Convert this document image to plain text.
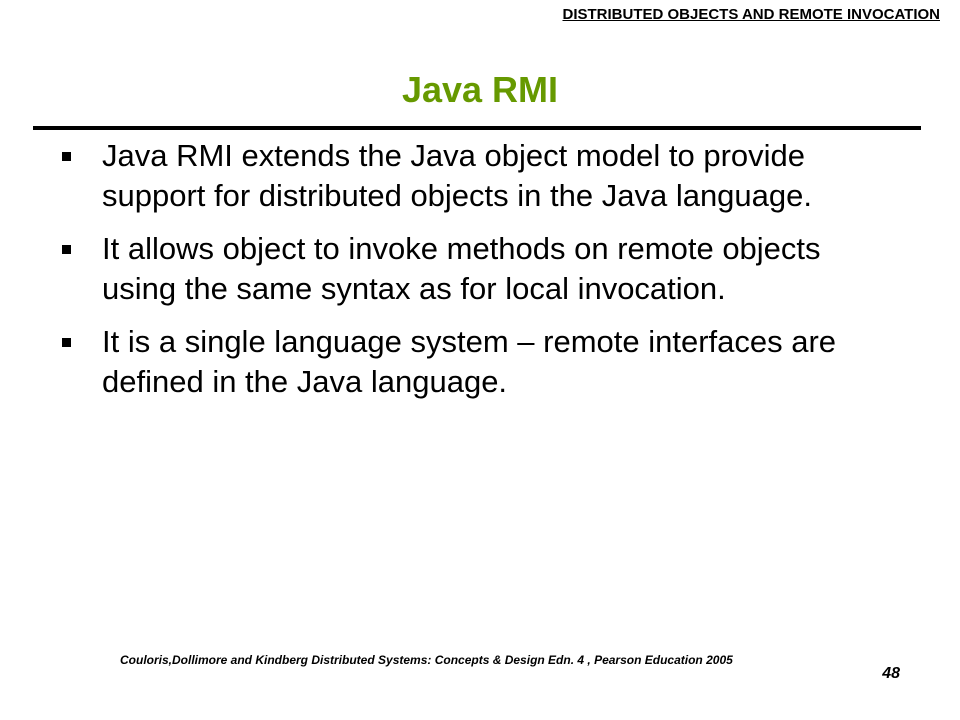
DISTRIBUTED OBJECTS AND REMOTE INVOCATION
Java RMI
Java RMI extends the Java object model to provide support for distributed objects in the Java language.
It allows object to invoke methods on remote objects using the same syntax as for local invocation.
It is a single language system – remote interfaces are defined in the Java language.
Couloris,Dollimore and Kindberg Distributed Systems: Concepts & Design Edn. 4 , Pearson Education 2005
48
